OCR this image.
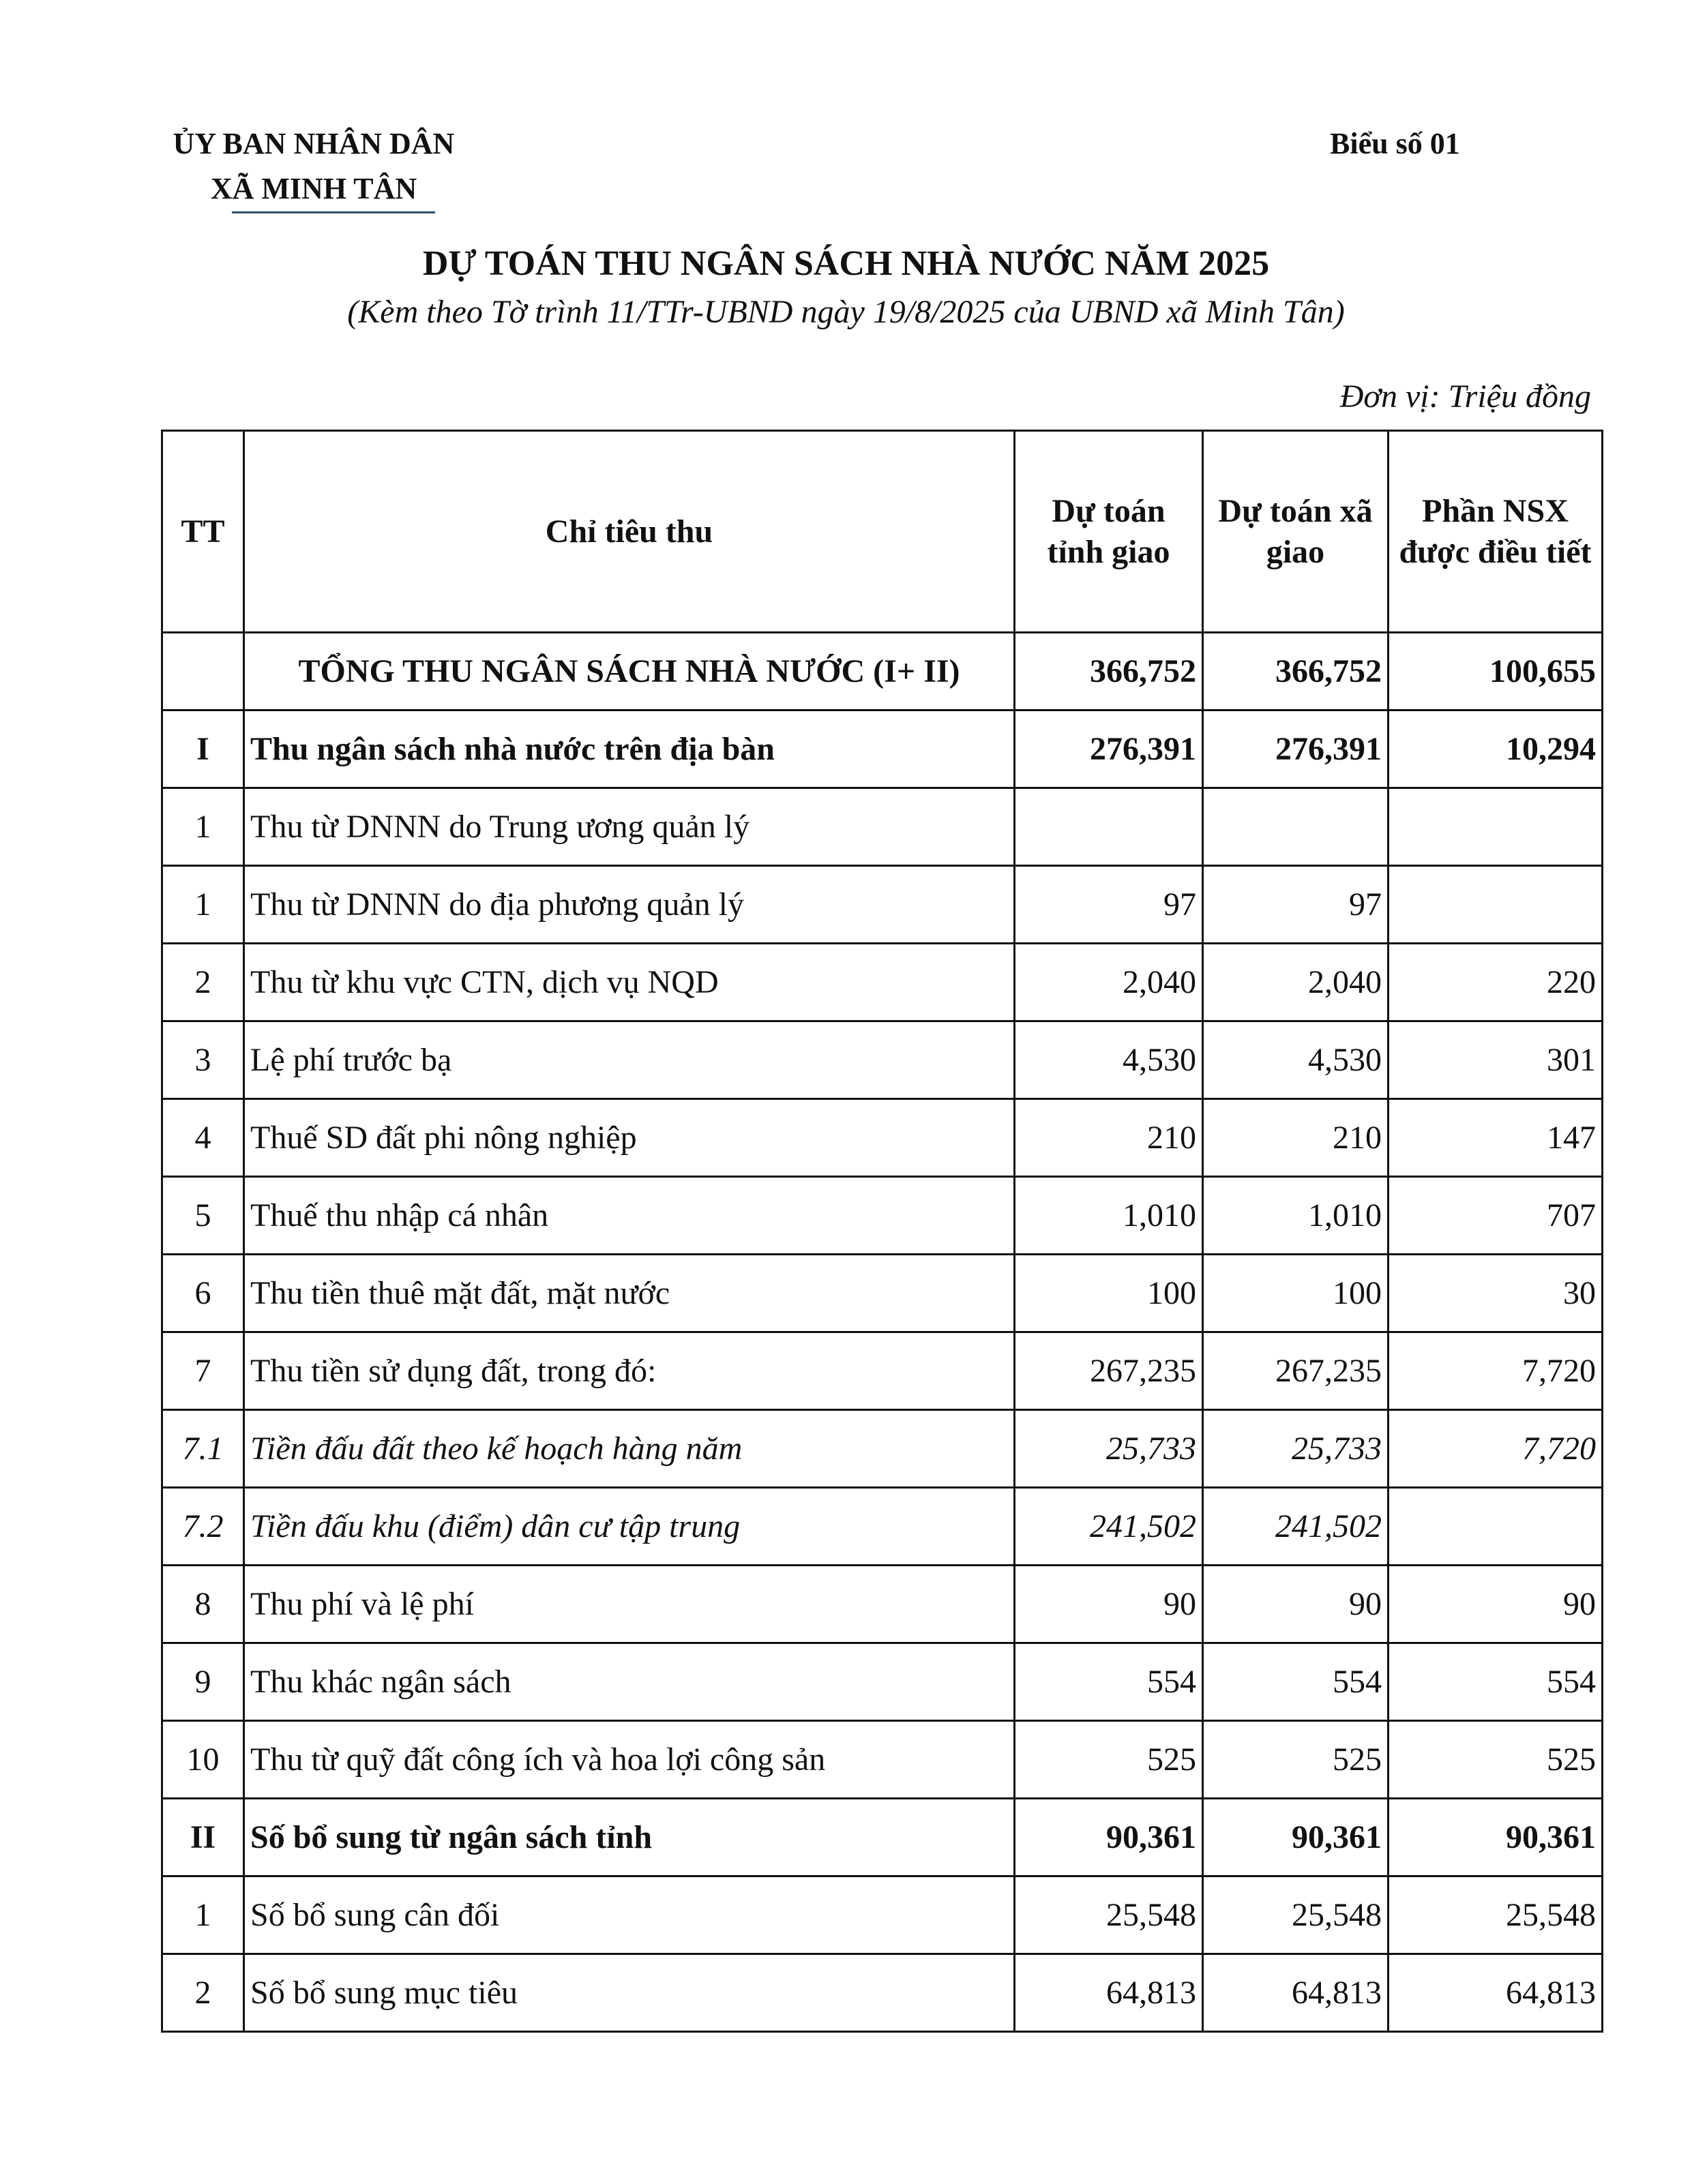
ỦY BAN NHÂN DÂN

XÃ MINH TÂN
Biểu số 01
DỰ TOÁN THU NGÂN SÁCH NHÀ NƯỚC NĂM 2025
(Kèm theo Tờ trình 11/TTr-UBND ngày 19/8/2025 của UBND xã Minh Tân)
Đơn vị: Triệu đồng
TT	Chỉ tiêu thu	Dự toán tỉnh giao	Dự toán xã giao	Phần NSX được điều tiết
	TỔNG THU NGÂN SÁCH NHÀ NƯỚC (I+ II)	366,752	366,752	100,655
I	Thu ngân sách nhà nước trên địa bàn	276,391	276,391	10,294
1	Thu từ DNNN do Trung ương quản lý			
1	Thu từ DNNN do địa phương quản lý	97	97	
2	Thu từ khu vực CTN, dịch vụ NQD	2,040	2,040	220
3	Lệ phí trước bạ	4,530	4,530	301
4	Thuế SD đất phi nông nghiệp	210	210	147
5	Thuế thu nhập cá nhân	1,010	1,010	707
6	Thu tiền thuê mặt đất, mặt nước	100	100	30
7	Thu tiền sử dụng đất, trong đó:	267,235	267,235	7,720
7.1	Tiền đấu đất theo kế hoạch hàng năm	25,733	25,733	7,720
7.2	Tiền đấu khu (điểm) dân cư tập trung	241,502	241,502	
8	Thu phí và lệ phí	90	90	90
9	Thu khác ngân sách	554	554	554
10	Thu từ quỹ đất công ích và hoa lợi công sản	525	525	525
II	Số bổ sung từ ngân sách tỉnh	90,361	90,361	90,361
1	Số bổ sung cân đối	25,548	25,548	25,548
2	Số bổ sung mục tiêu	64,813	64,813	64,813
